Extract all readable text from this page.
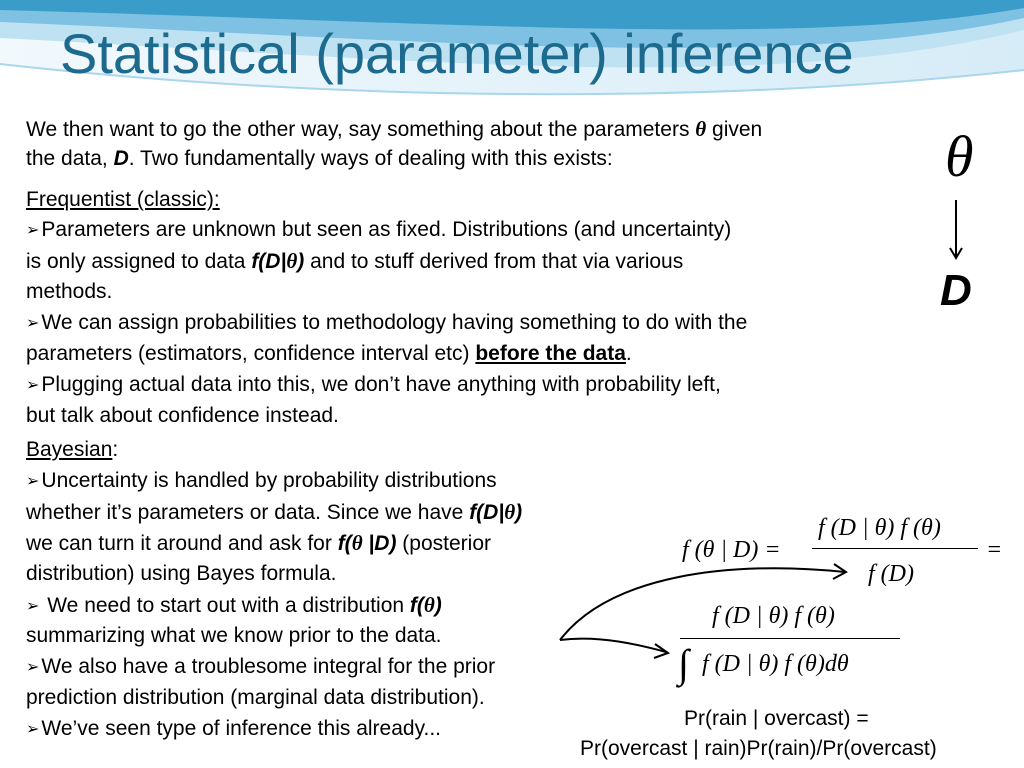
Statistical (parameter) inference
We then want to go the other way, say something about the parameters θ given
the data, D. Two fundamentally ways of dealing with this exists:
Frequentist (classic):
➢Parameters are unknown but seen as fixed. Distributions (and uncertainty)
is only assigned to data f(D|θ) and to stuff derived from that via various
methods.
➢We can assign probabilities to methodology having something to do with the
parameters (estimators, confidence interval etc) before the data.
➢Plugging actual data into this, we don’t have anything with probability left,
but talk about confidence instead.
Bayesian:
➢Uncertainty is handled by probability distributions
whether it’s parameters or data. Since we have f(D|θ)
we can turn it around and ask for f(θ |D) (posterior
distribution) using Bayes formula.
➢ We need to start out with a distribution f(θ)
summarizing what we know prior to the data.
➢We also have a troublesome integral for the prior
prediction distribution (marginal data distribution).
➢We’ve seen type of inference this already...
θ
D
f (θ | D) =
f (D | θ) f (θ)
f (D)
=
f (D | θ) f (θ)
∫ f (D | θ) f (θ)dθ
Pr(rain | overcast) =
Pr(overcast | rain)Pr(rain)/Pr(overcast)
